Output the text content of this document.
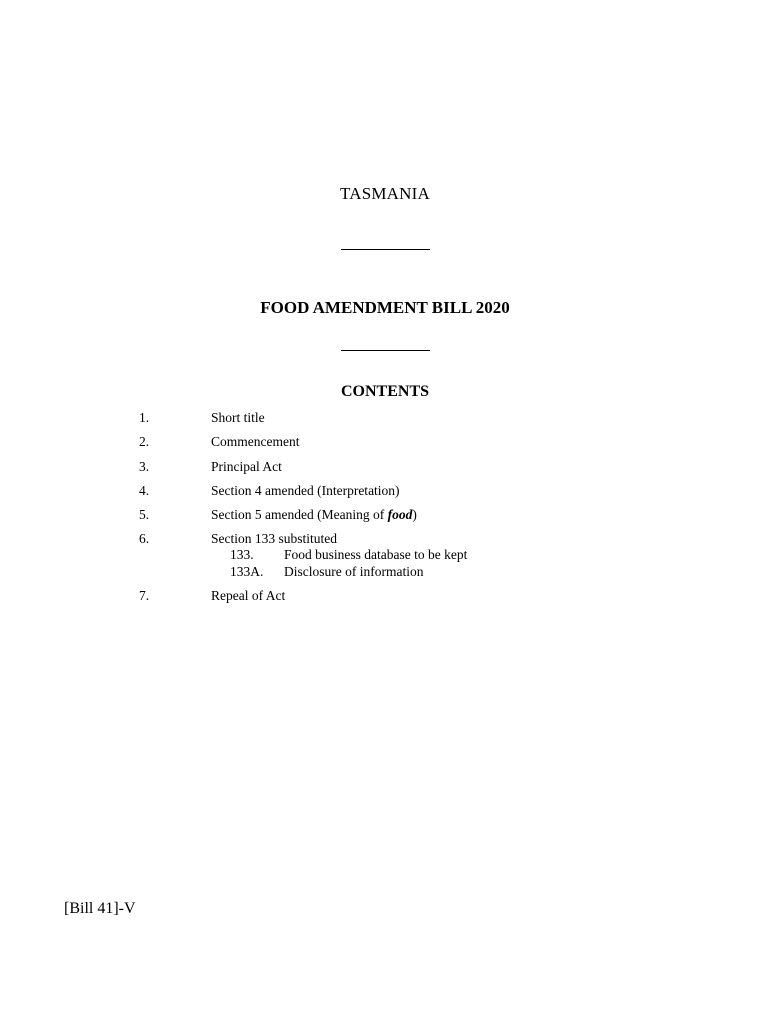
TASMANIA
FOOD AMENDMENT BILL 2020
CONTENTS
1.	Short title
2.	Commencement
3.	Principal Act
4.	Section 4 amended (Interpretation)
5.	Section 5 amended (Meaning of food)
6.	Section 133 substituted
133. Food business database to be kept
133A. Disclosure of information
7.	Repeal of Act
[Bill 41]-V
